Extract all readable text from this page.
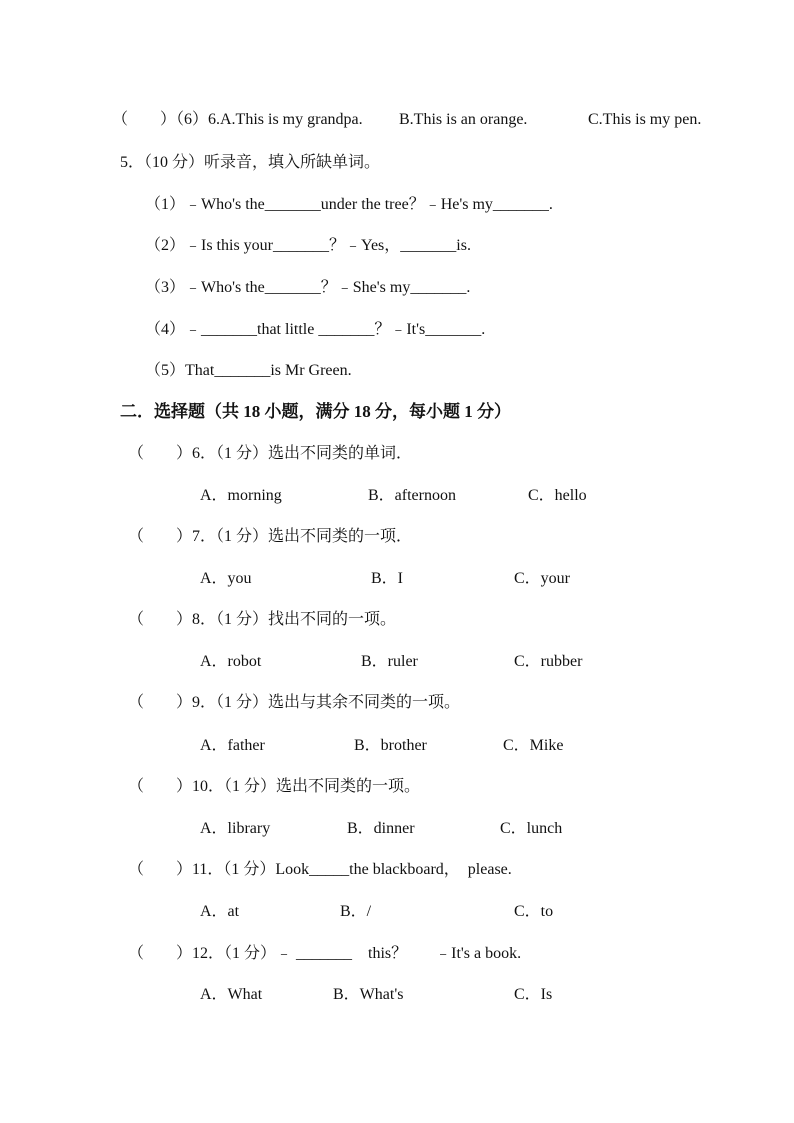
（　　）（6）6.A.This is my grandpa. B.This is an orange.	C.This is my pen.
5．（10 分）听录音，填入所缺单词。
（1）﹣Who's the_______under the tree？﹣He's my_______.
（2）﹣Is this your_______？﹣Yes，_______is.
（3）﹣Who's the_______？﹣She's my_______.
（4）﹣_______that little _______？﹣It's_______.
（5）That_______is Mr Green.
二．选择题（共 18 小题，满分 18 分，每小题 1 分）
（　　）6．（1 分）选出不同类的单词．
A．morning	B．afternoon	C．hello
（　　）7．（1 分）选出不同类的一项．
A．you	B．I	C．your
（　　）8．（1 分）找出不同的一项。
A．robot	B．ruler	C．rubber
（　　）9．（1 分）选出与其余不同类的一项。
A．father	B．brother	C．Mike
（　　）10．（1 分）选出不同类的一项。
A．library	B．dinner	C．lunch
（　　）11．（1 分）Look_____the blackboard，  please.
A．at	B．/	C．to
（　　）12．（1 分）﹣ _______    this？       ﹣It's a book.
A．What	B．What's	C．Is
